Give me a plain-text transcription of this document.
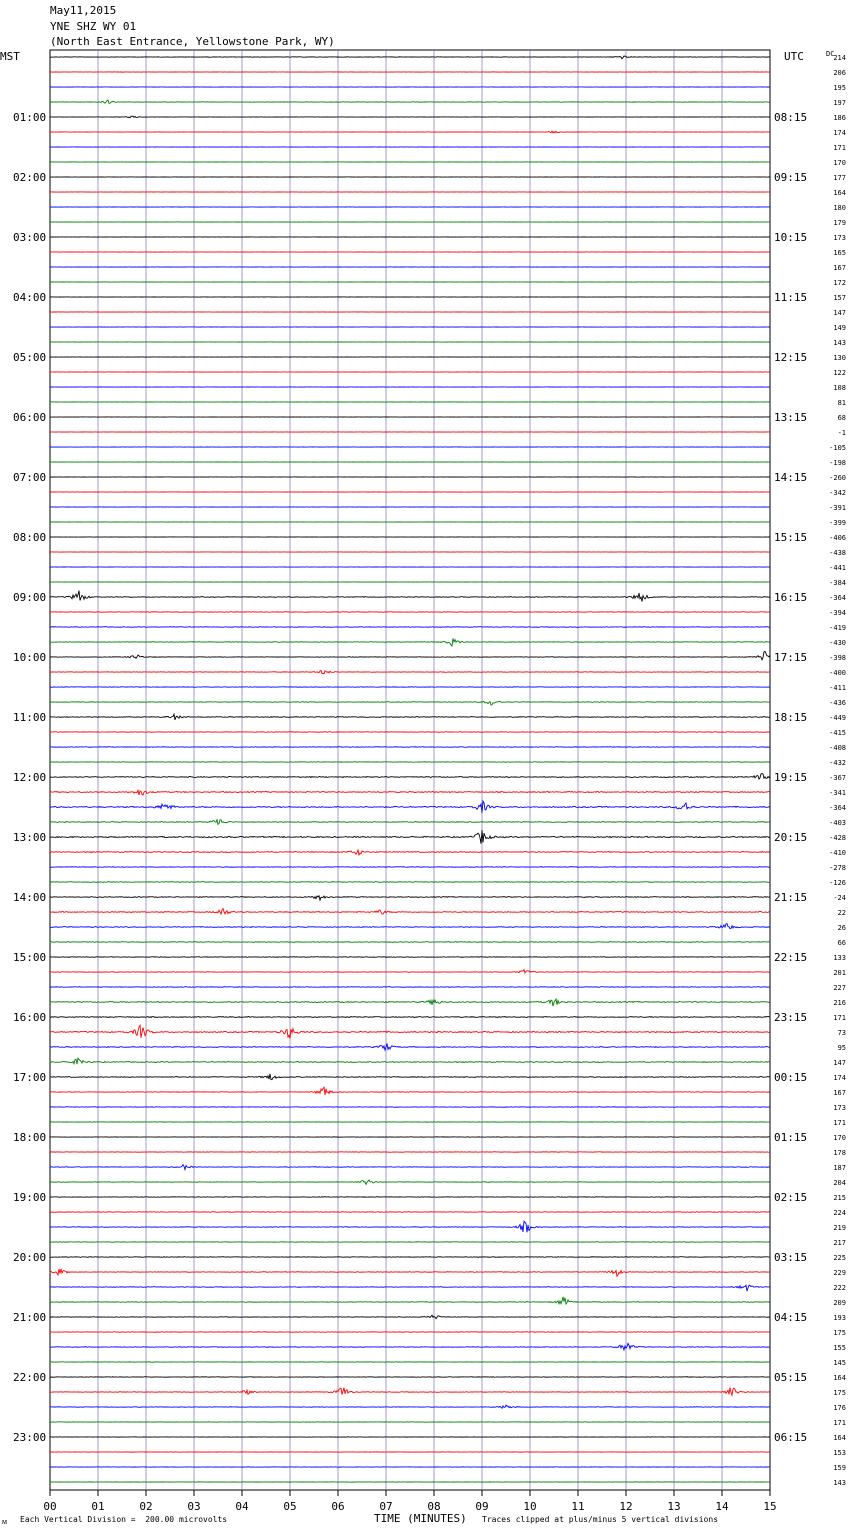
May11,2015
YNE SHZ WY 01
(North East Entrance, Yellowstone Park, WY)
01:00
02:00
03:00
04:00
05:00
06:00
07:00
08:00
09:00
10:00
11:00
12:00
13:00
14:00
15:00
16:00
17:00
18:00
19:00
20:00
21:00
22:00
23:00
08:15
09:15
10:15
11:15
12:15
13:15
14:15
15:15
16:15
17:15
18:15
19:15
20:15
21:15
22:15
23:15
00:15
01:15
02:15
03:15
04:15
05:15
06:15
214
206
195
197
186
174
171
170
177
164
180
179
173
165
167
172
157
147
149
143
130
122
108
81
68
-1
-105
-198
-260
-342
-391
-399
-406
-438
-441
-384
-364
-394
-419
-430
-398
-400
-411
-436
-449
-415
-408
-432
-367
-341
-364
-403
-428
-410
-278
-126
-24
22
26
66
133
201
227
216
171
73
95
147
174
167
173
171
170
178
187
204
215
224
219
217
225
229
222
209
193
175
155
145
164
175
176
171
164
153
159
143
00	01	02	03	04	05	06	07	08	09	10	11	12	13	14	15
MST	UTC	DC
TIME (MINUTES)
ᴍ Each Vertical Division =  200.00 microvolts	Traces clipped at plus/minus 5 vertical divisions
